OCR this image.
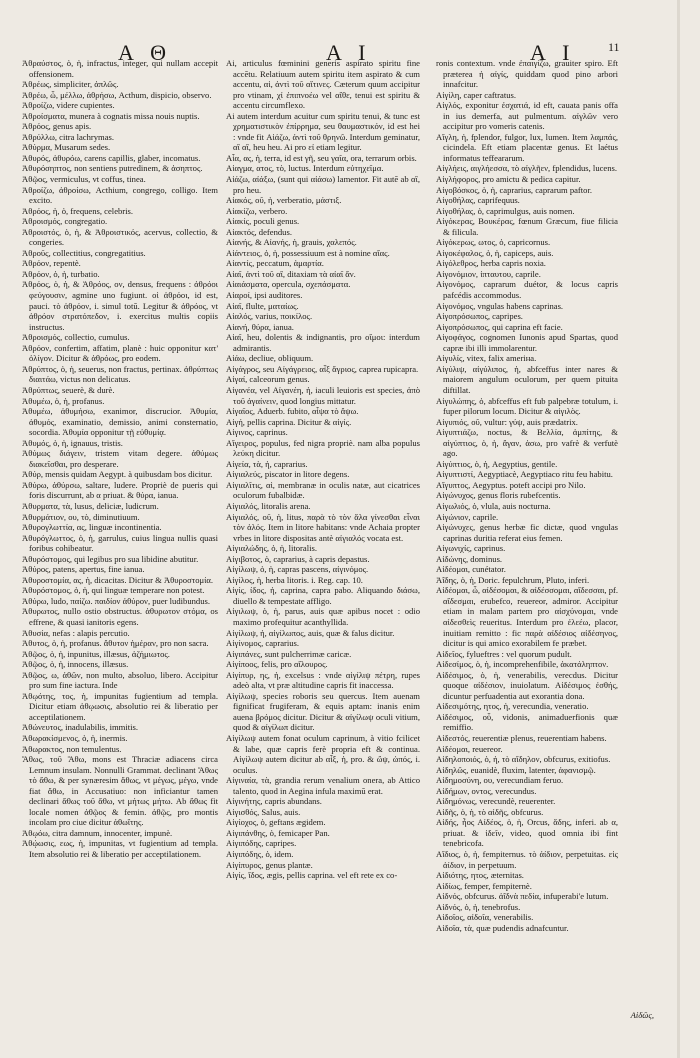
A Θ	A I	A I	11

Ἀθραύστος, ὁ, ἡ, infractus, integer, qui nullam accepit offensionem.

Ἀθρέως, simpliciter, ἁπλῶς.

Ἀθρέω, ὦ, μέλλω, ἀθρήσω, Acthum, dispicio, observo.

Ἀθροίζω, videre cupientes.

Ἀθροίσματα, munera à cognatis missa nouis nuptis.

Ἀθρόος, genus apis.

Ἀθρύλλω, citra lachrymas.

Ἀθύρμα, Musarum sedes.

Ἀθυρός, ἀθυρόω, carens capillis, glaber, incomatus.

Ἀθυρόσηπτος, non sentiens putredinem, & ἀσηπτος.

Ἀθῷος, vermiculus, vt coffus, tinea.

Ἀθροίζω, ἀθροίσω, Acthium, congrego, colligo. Item excito.

Ἀθρόος, ἡ, ὁ, frequens, celebris.

Ἀθροισμός, congregatio.

Ἀθροιστός, ὁ, ἡ, & Ἀθροιστικός, acervus, collectio, & congeries.

Ἀθροῦς, collectitius, congregatitius.

Ἀθρόον, repentè.

Ἀθρόον, ὁ, ἡ, turbatio.

Ἀθρόος, ὁ, ἡ, & Ἀθρόος, ον, densus, frequens : ἀθρόοι φεύγουσιν, agmine uno fugiunt. οἱ ἀθρόοι, id est, pauci. τὸ ἀθρόον, i. simul totū. Legitur & ἀθρόος, vt ἀθρόον στρατόπεδον, i. exercitus multis copiis instructus.

Ἀθροισμός, collectio, cumulus.

Ἀθρόον, confertim, affatim, planè : huic opponitur κατ' ὀλίγον. Dicitur & ἀθρόως, pro eodem.

Ἀθρύπτος, ὁ, ἡ, seuerus, non fractus, pertinax. ἀθρύπτως διαιτάω, victus non delicatus.

Ἀθρύπτως, seuerè, & durè.

Ἀθυμέω, ὁ, ἡ, profanus.

Ἀθυμέω, ἀθυμήσω, exanimor, discrucior. Ἀθυμία, ἀθυμός, examinatio, demissio, animi consternatio, socordia. Ἀθυμία opponitur τῇ εὐθυμίᾳ.

Ἀθυμός, ὁ, ἡ, ignauus, tristis.

Ἀθύμως διάγειν, tristem vitam degere. ἀθύμως διακεῖσθαι, pro desperare.

Ἀθύρ, mensis quidam Aegypt. à quibusdam bos dicitur.

Ἀθύρω, ἀθύρσω, saltare, ludere. Propriè de pueris qui foris discurrunt, ab α priuat. & θύρα, ianua.

Ἀθυρματα, τὰ, lusus, deliciæ, ludicrum.

Ἀθυρμάτιον, ου, τὸ, diminutiuum.

Ἀθυρογλωττία, ας, linguæ incontinentia.

Ἀθυρόγλωττος, ὁ, ἡ, garrulus, cuius lingua nullis quasi foribus cohibeatur.

Ἀθυρόστομος, qui legibus pro sua libidine abutitur.

Ἀθύρος, patens, apertus, fine ianua.

Ἀθυροστομία, ας, ἡ, dicacitas. Dicitur & Ἀθυροστομία.

Ἀθυρόστομος, ὁ, ἡ, qui linguæ temperare non potest.

Ἀθύρω, ludo, παίζω. παιδίον ἀθύρον, puer ludibundus.

Ἀθυρωτος, nullo ostio obstructus. ἀθυρωτον στόμα, os effrene, & quasi ianitoris egens.

Ἀθυσία, nefas : alapis percutio.

Ἀθυτος, ὁ, ἡ, profanus. ἄθυτον ἡμέραν, pro non sacra.

Ἀθῷος, ὁ, ἡ, inpunitus, illæsus, ἀζήμιωτος.

Ἀθῷος, ὁ, ἡ, innocens, illæsus.

Ἀθῷος, ω, ἀθῶν, non multo, absoluo, libero. Accipitur pro sum fine iactura. Inde

Ἀθῳότης, τος, ἡ, impunitas fugientium ad templa. Dicitur etiam ἀθῳωσις, absolutio rei & liberatio per acceptilationem.

Ἀθώνευτος, inadulabilis, immitis.

Ἀθωρακίσμενος, ὁ, ἡ, inermis.

Ἀθωρακτος, non temulentus.

Ἄθως, τοῦ Ἄθω, mons est Thraciæ adiacens circa Lemnum insulam. Nonnulli Grammat. declinant Ἄθως τὸ ἄθω, & per synæresim ἄθως, vt μέγως, μέγω, vnde fiat ἄθω, in Accusatiuo: non inficiantur tamen declinari ἄθως τοῦ ἄθω, vt μήτως μήτω. Ab ἄθως fit locale nomen ἀθῷος & femin. ἀθῷς, pro montis incolam pro ciue dicitur ἀθωΐτης.

Ἀθῳόω, citra damnum, innocenter, impunè.

Ἀθῴωσις, εως, ἡ, impunitas, vt fugientium ad templa. Item absolutio rei & liberatio per acceptilationem.

Ai, articulus fœminini generis aspirato spiritu fine accētu. Relatiuum autem spiritu item aspirato & cum accentu, αἱ, ἀντὶ τοῦ αἵτινες. Cæterum quum accipitur pro vtinam, χἰ ἐπιπνοέω vel αἴθε, tenui est spiritu & accentu circumflexo.

Ai autem interdum acuitur cum spiritu tenui, & tunc est χρηματιστικὸν ἐπίρρημα, seu θαυμαστικόν, id est hei : vnde fit Αἰάζω, ἀντὶ τοῦ θρηνῶ. Interdum geminatur, αἲ αἲ, heu heu. Ai pro εἰ etiam legitur.

Αἶα, ας, ἡ, terra, id est γῆ, seu γαῖα, ora, terrarum orbis.

Αἰαγμα, ατος, τὸ, luctus. Interdum εὐτηχεῖμα.

Αἰάζω, αἰάξω, (sunt qui αἰάσω) lamentor. Fit autē ab αἲ, pro heu.

Αἰακός, οῦ, ἡ, verberatio, μάστιξ.

Αἰακίζω, verbero.

Αἰακίς, poculi genus.

Αἰακτός, defendus.

Αἰανής, & Αἰανής, ἡ, grauis, χαλεπός.

Αἰάντειος, ὁ, ἡ, possessiuum est à nomine αἴας.

Αἰαντίς, peccatum, ἁμαρτία.

Αἰαῖ, ἀντὶ τοῦ αἲ, ditaxiam τὰ αἰαῖ ἄν.

Αἰαιάσματα, opercula, σχεπάσματα.

Αἰαροί, ipsi auditores.

Αἰαῖ, flulte, ματαίως.

Αἰαλός, varius, ποικίλος.

Αἰανή, θύρα, ianua.

Αἰαῖ, heu, dolentis & indignantis, pro οἴμοι: interdum admirantis.

Αἰάω, decliue, obliquum.

Αἰγάγρος, seu Αἰγάγρειος, αἶξ ἄγριος, caprea rupicapra.

Αἰγαί, calceorum genus.

Αἰγανέα, vel Αἰγανέη, ἡ, iaculi leuioris est species, ἀπὸ τοῦ ἀγαίνειν, quod longius mittatur.

Αἰγαῖος, Aduerb. fubito, αἶψα τὸ ἄψω.

Αἰγή, pellis caprina. Dicitur & αἰγίς.

Αἰγινος, caprinus.

Αἴγειρος, populus, fed nigra propriè. nam alba populus λεύκη dicitur.

Αἰγεία, τὰ, ἡ, caprarius.

Αἰγιαλεύς, piscator in litore degens.

Αἰγιαλῖτις, αἱ, membranæ in oculis natæ, aut cicatrices oculorum fubalbidæ.

Αἰγιαλός, litoralis arena.

Αἰγιαλός, οῦ, ἡ, litus, παρὰ τὸ τὸν ἅλα γίνεσθαι εἶναι τὸν ἁλός. Item in litore habitans: vnde Achaia propter vrbes in litore dispositas antè αἰγιαλός vocata est.

Αἰγιαλώδης, ὁ, ἡ, litoralis.

Αἰγιβοτος, ὁ, caprarius, à capris depastus.

Αἰγίλωψ, ὁ, ἡ, capras pascens, αἰγινόμος.

Αἰγίλος, ἡ, herba litoris. i. Reg. cap. 10.

Αἰγίς, ίδος, ἡ, caprina, capra pabo. Aliquando διάσω, diuello & tempestate affligo.

Αἰγιλωψ, ὁ, ἡ, parus, auis quæ apibus nocet : odio maximo profequitur acanthyllida.

Αἰγίλωψ, ἡ, αἰγίλωπος, auis, quæ & falus dicitur.

Αἰγίνομος, caprarius.

Αἰγιπάνες, sunt pulcherrimæ caricæ.

Αἰγίποος, felis, pro αἴλουρος.

Αἰγίπυρ, ης, ἡ, excelsus : vnde αἰγίλιψ πέτρη, rupes adeò alta, vt præ altitudine capris fit inaccessa.

Αἰγίλωψ, species roboris seu quercus. Item auenam fignificat frugiferam, & equis aptam: inanis enim auena βρόμος dicitur. Dicitur & αἰγίλωψ oculi vitium, quod & αἰγίλωπ dicitur.

Αἰγίλωψ autem fonat oculum caprinum, à vitio fcilicet & labe, quæ capris ferè propria eft & continua. Αἰγίλωψ autem dicitur ab αἶξ, ἡ, pro. & ὤψ, ὠπός, i. oculus.

Αἰγιναία, τὰ, grandia rerum venalium onera, ab Attico talento, quod in Aegina infula maximū erat.

Αἰγινήτης, capris abundans.

Αἰγισθός, Salus, auis.

Αἰγίοχος, ὁ, geftans ægidem.

Αἰγιπάνθης, ὁ, femicaper Pan.

Αἰγιπόδης, capripes.

Αἰγιπόδης, ὁ, idem.

Αἰγίπυρος, genus plantæ.

Αἰγίς, ἴδος, ægis, pellis caprina. vel eft rete ex co-

ronis contextum. vnde ἐπαιγίζω, grauiter spiro. Eft præterea ἡ αἰγίς, quiddam quod pino arbori innafcitur.

Αἰγίλη, caper caftratus.

Αἰγλός, exponitur ἐσχατιά, id eft, cauata panis offa in ius demerfa, aut pulmentum. αἰγλῶν vero accipitur pro vomeris catenis.

Αἴγλη, ἡ, fplendor, fulgor, lux, lumen. Item λαμπάς, cicindela. Eft etiam placentæ genus. Et laétus informatus teffeararum.

Αἰγλήεις, αιγλήεσσα, τὸ αἰγλῆεν, fplendidus, lucens.

Αἰγλήφορος, pro amictu & pedica capitur.

Αἰγοβόσκος, ὁ, ἡ, caprarius, caprarum paftor.

Αἰγοθήλας, caprifequus.

Αἰγοθήλας, ὁ, caprimulgus, auis nomen.

Αἰγόκερας, Βουκέρας, fœnum Græcum, fiue filicia & filicula.

Αἰγόκερως, ωτος, ὁ, capricornus.

Αἰγοκέφαλος, ὁ, ἡ, capiceps, auis.

Αἰγόλεθρος, herba capris noxia.

Αἰγονόμιον, ἰπταυτου, caprile.

Αἰγονόμος, caprarum duétor, & locus capris pafcédis accommodus.

Αἰγονόμος, vngulas habens caprinas.

Αἰγοπρόσωπος, capripes.

Αἰγοπρόσωπος, qui caprina eft facie.

Αἰγοφάγος, cognomen Iunonis apud Spartas, quod capræ ibi illi immolarentur.

Αἰγυλίς, vitex, falix ameriна.

Αἰγύλιψ, αἰγύλιπος, ἡ, abfceffus inter nares & maiorem angulum oculorum, per quem pituita diftillat.

Αἰγυλώπης, ὁ, abfceffus eft fub palpebræ totulum, i. fuper pilorum locum. Dicitur & αἰγιλὸς.

Αἰγυπιός, οῦ, vultur: γύψ, auis prædatrix.

Αἰγυπτιάζω, noctus, & Βελλία, ἀμπίτης, & αἰγύπτιος, ὁ, ἡ, ἄγαν, ἀσω, pro vafrè & verfutè ago.

Αἰγύπτιος, ὁ, ἡ, Aegyptius, gentile.

Αἰγυπτιστί, Aegyptiacè, Aegyptiaco ritu feu habitu.

Αἴγυπτος, Aegyptus. poteft accipi pro Nilo.

Αἰγώνυχος, genus floris rubefcentis.

Αἰγωλιός, ὁ, vlula, auis nocturna.

Αἰγώνιον, caprile.

Αἰγώνυχες, genus herbæ fic dictæ, quod vngulas caprinas duritia referat eius femen.

Αἰγωνιχίς, caprinus.

Αἰδώνης, dominus.

Αἰδέομαι, cunétator.

Ἀΐδης, ὁ, ἡ, Doric. fepulchrum, Pluto, inferi.

Αἰδέομαι, ὦ, αἰδέσομαι, & αἰδέσσομαι, αἴδεσσαι, pf. αἴδεσμαι, erubefco, reuereor, admiror. Accipitur etiam in malam partem pro αἰσχύνομαι, vnde αἰδεσθεὶς reueritus. Interdum pro ἐλεέω, placor, inuitiam remitto : fic παρὰ αἰδέσιος αἰδέσηνος, dicitur is qui amico exorabilem fe præbet.

Αἰδεῖος, fylueftres : vel quorum pudult.

Αἰδεσίμος, ὁ, ἡ, incomprehenfibile, ἀκατάληπτον.

Αἰδέσιμος, ὁ, ἡ, venerabilis, verecdus. Dicitur quoque αἰδέσιον, inuiolatum. Αἰδέσιμος ἐσθής, dicuntur perfuadentia aut exorantia dona.

Αἰδεσιμότης, ητος, ἡ, verecundia, veneratio.

Αἰδέσιμος, οὗ, vidonis, animaduerfionis quæ remiffio.

Αἰδεστός, reuerentiæ plenus, reuerentiam habens.

Αἰδέομαι, reuereor.

Αἰδηλοποιός, ὁ, ἡ, τὸ αἴδηλον, obfcurus, exitiofus.

Αἰδηλῶς, euanidè, fluxim, latenter, ἀφανισμῷ.

Αἰδημοσύνη, ου, verecundiam feruo.

Αἰδήμων, οντος, verecundus.

Αἰδημόνως, verecundè, reuerenter.

Αἰδῆς, ὁ, ἡ, τὸ αἰδῆς, obfcurus.

Αἰδής, ἦος Αἰδέος, ὁ, ἡ, Orcus, ἅδης, inferi. ab α, priuat. & ἰδεῖν, video, quod omnia ibi fint tenebricofa.

Αἴδιος, ὁ, ἡ, fempiternus. τὸ ἀίδιον, perpetuitas. εἰς ἀίδιον, in perpetuum.

Αἰδιότης, ητος, æternitas.

Αἰδίως, femper, fempiternè.

Αἰδνός, obfcurus. ἀΐδνὰ πεδία, infuperabi'e lutum.

Αἰδνός, ὁ, ἡ, tenebrofus.

Αἰδοῖος, αἰδοῖα, venerabilis.

Αἰδοῖα, τὰ, quæ pudendis adnafcuntur.

Αἰδῶς,
